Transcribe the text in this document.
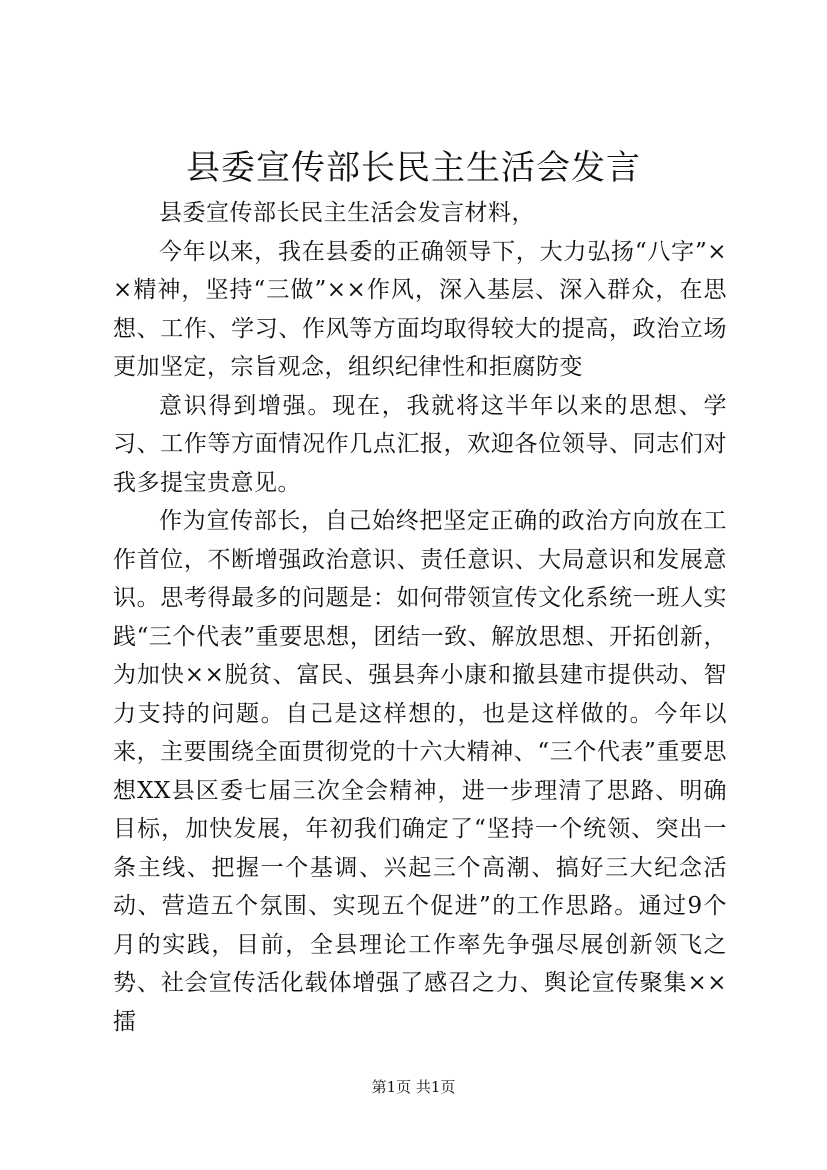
县委宣传部长民主生活会发言

县委宣传部长民主生活会发言材料，

今年以来，我在县委的正确领导下，大力弘扬“八字”××精神，坚持“三做”××作风，深入基层、深入群众，在思想、工作、学习、作风等方面均取得较大的提高，政治立场更加坚定，宗旨观念，组织纪律性和拒腐防变

意识得到增强。现在，我就将这半年以来的思想、学习、工作等方面情况作几点汇报，欢迎各位领导、同志们对我多提宝贵意见。

作为宣传部长，自己始终把坚定正确的政治方向放在工作首位，不断增强政治意识、责任意识、大局意识和发展意识。思考得最多的问题是：如何带领宣传文化系统一班人实践“三个代表”重要思想，团结一致、解放思想、开拓创新，为加快××脱贫、富民、强县奔小康和撤县建市提供动、智力支持的问题。自己是这样想的，也是这样做的。今年以来，主要围绕全面贯彻党的十六大精神、“三个代表”重要思想XX县区委七届三次全会精神，进一步理清了思路、明确目标，加快发展，年初我们确定了“坚持一个统领、突出一条主线、把握一个基调、兴起三个高潮、搞好三大纪念活动、营造五个氛围、实现五个促进”的工作思路。通过9个月的实践，目前，全县理论工作率先争强尽展创新领飞之势、社会宣传活化载体增强了感召之力、舆论宣传聚集××擂

第1页 共1页
